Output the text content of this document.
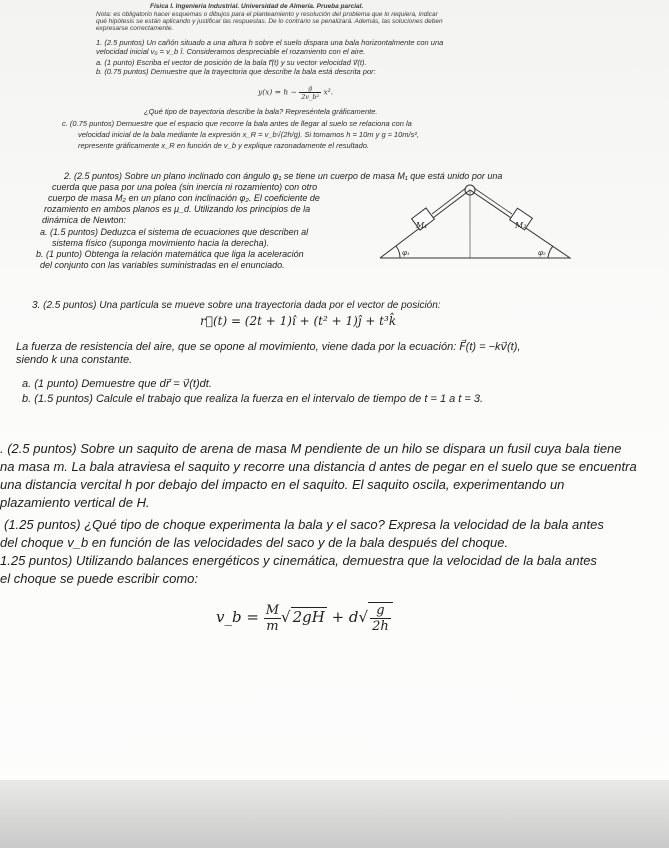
Física I. Ingeniería Industrial. Universidad de Almería. Prueba parcial.
Nota: es obligatorio hacer esquemas o dibujos para el planteamiento y resolución del problema que lo requiera, indicar
qué hipótesis se están aplicando y justificar las respuestas. De lo contrario se penalizará. Además, las soluciones deben
expresarse correctamente.
1. (2.5 puntos) Un cañón situado a una altura h sobre el suelo dispara una bala horizontalmente con una
velocidad inicial v₀ = v_b î. Consideramos despreciable el rozamiento con el aire.
a. (1 punto) Escriba el vector de posición de la bala r⃗(t) y su vector velocidad v⃗(t).
b. (0.75 puntos) Demuestre que la trayectoria que describe la bala está descrita por:
$y(x) = h - \frac{g}{\text{2v\_b²}} x^2$.
¿Qué tipo de trayectoria describe la bala? Represéntela gráficamente.
c. (0.75 puntos) Demuestre que el espacio que recorre la bala antes de llegar al suelo se relaciona con la
velocidad inicial de la bala mediante la expresión x_R = v_b√(2h/g). Si tomamos h = 10m y g ≈ 10m/s²,
represente gráficamente x_R en función de v_b y explique razonadamente el resultado.
2. (2.5 puntos) Sobre un plano inclinado con ángulo φ₁ se tiene un cuerpo de masa M₁ que está unido por una
cuerda que pasa por una polea (sin inercia ni rozamiento) con otro
cuerpo de masa M₂ en un plano con inclinación φ₂. El coeficiente de
rozamiento en ambos planos es μ_d. Utilizando los principios de la
dinámica de Newton:
a. (1.5 puntos) Deduzca el sistema de ecuaciones que describen al
sistema físico (suponga movimiento hacia la derecha).
b. (1 punto) Obtenga la relación matemática que liga la aceleración
del conjunto con las variables suministradas en el enunciado.
M₁	M₂
φ₁	φ₂
3. (2.5 puntos) Una partícula se mueve sobre una trayectoria dada por el vector de posición:
r⃗(t) = (2t + 1)î + (t² + 1)ĵ + t³k̂
La fuerza de resistencia del aire, que se opone al movimiento, viene dada por la ecuación: F⃗(t) = −kv⃗(t),
siendo k una constante.
a. (1 punto) Demuestre que dr⃗ = v⃗(t)dt.
b. (1.5 puntos) Calcule el trabajo que realiza la fuerza en el intervalo de tiempo de t = 1 a t = 3.
. (2.5 puntos) Sobre un saquito de arena de masa M pendiente de un hilo se dispara un fusil cuya bala tiene
na masa m. La bala atraviesa el saquito y recorre una distancia d antes de pegar en el suelo que se encuentra
una distancia vercital h por debajo del impacto en el saquito. El saquito oscila, experimentando un
plazamiento vertical de H.
(1.25 puntos) ¿Qué tipo de choque experimenta la bala y el saco? Expresa la velocidad de la bala antes
del choque v_b en función de las velocidades del saco y de la bala después del choque.
1.25 puntos) Utilizando balances energéticos y cinemática, demuestra que la velocidad de la bala antes
el choque se puede escribir como:
v_b = $\frac{M}{m}$ √ $2gH + d√ \frac{g}{2h}$
